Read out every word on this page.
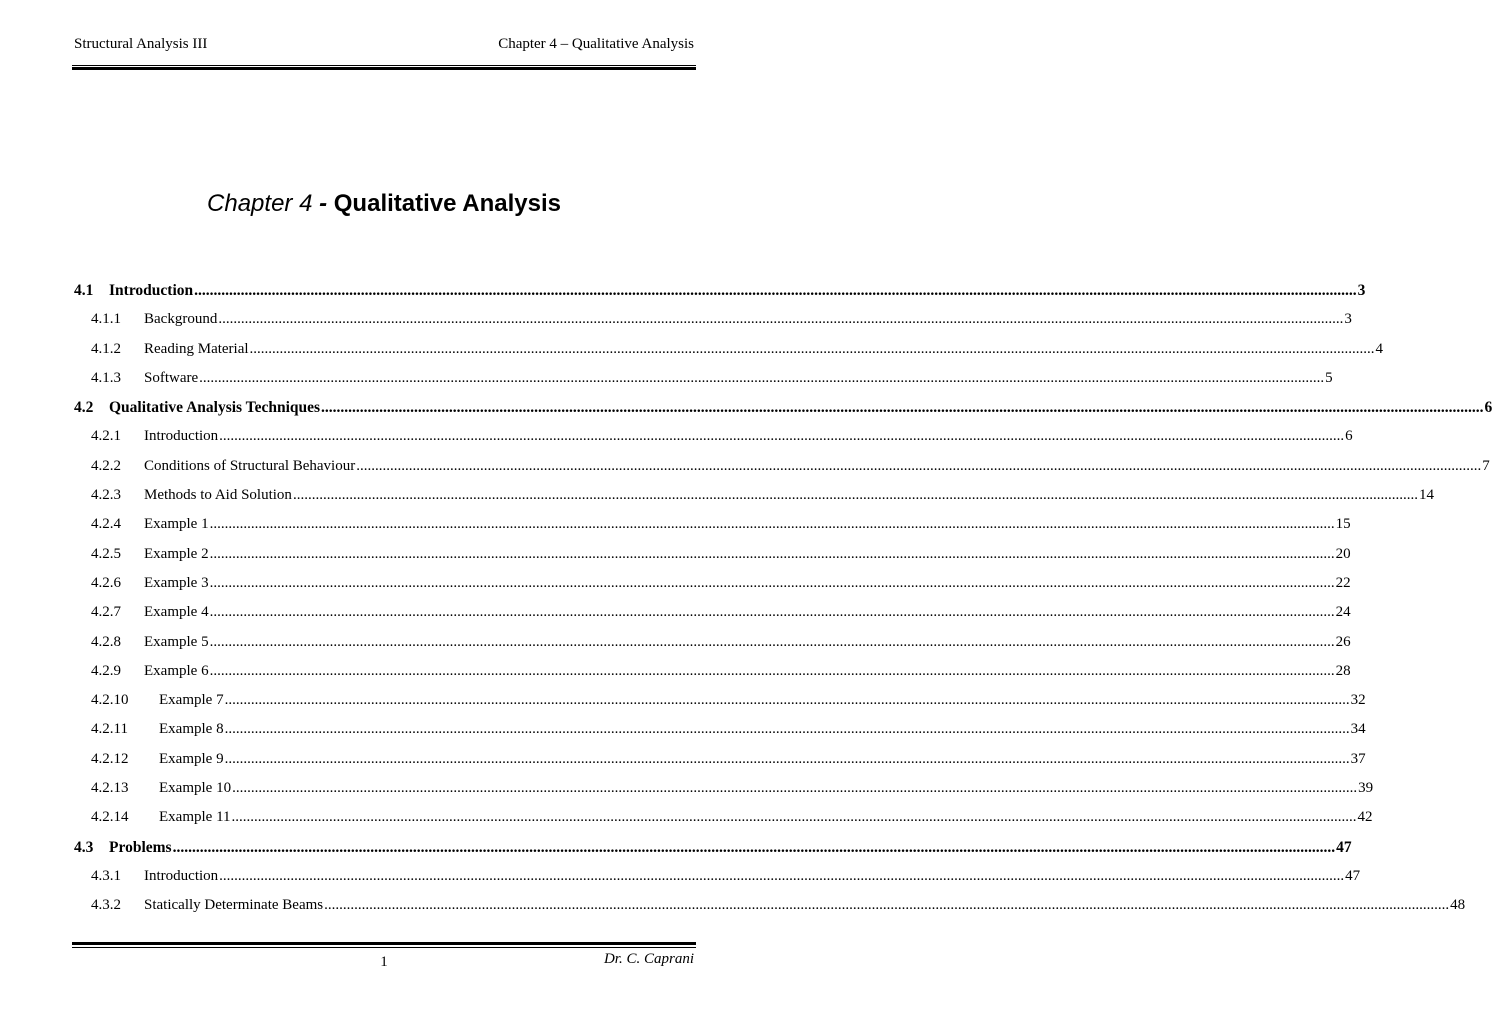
Structural Analysis III	Chapter 4 – Qualitative Analysis
Chapter 4 - Qualitative Analysis
4.1	Introduction ............................................................................................................................................................................................................................................................................................................ 3
4.1.1	Background ............................................................................................................................................................................................................................................................................................................ 3
4.1.2	Reading Material ............................................................................................................................................................................................................................................................................................................ 4
4.1.3	Software ............................................................................................................................................................................................................................................................................................................ 5
4.2	Qualitative Analysis Techniques ............................................................................................................................................................................................................................................................................................................ 6
4.2.1	Introduction ............................................................................................................................................................................................................................................................................................................ 6
4.2.2	Conditions of Structural Behaviour ............................................................................................................................................................................................................................................................................................................ 7
4.2.3	Methods to Aid Solution ............................................................................................................................................................................................................................................................................................................ 14
4.2.4	Example 1 ............................................................................................................................................................................................................................................................................................................ 15
4.2.5	Example 2 ............................................................................................................................................................................................................................................................................................................ 20
4.2.6	Example 3 ............................................................................................................................................................................................................................................................................................................ 22
4.2.7	Example 4 ............................................................................................................................................................................................................................................................................................................ 24
4.2.8	Example 5 ............................................................................................................................................................................................................................................................................................................ 26
4.2.9	Example 6 ............................................................................................................................................................................................................................................................................................................ 28
4.2.10	Example 7 ............................................................................................................................................................................................................................................................................................................ 32
4.2.11	Example 8 ............................................................................................................................................................................................................................................................................................................ 34
4.2.12	Example 9 ............................................................................................................................................................................................................................................................................................................ 37
4.2.13	Example 10 ............................................................................................................................................................................................................................................................................................................ 39
4.2.14	Example 11 ............................................................................................................................................................................................................................................................................................................ 42
4.3	Problems ............................................................................................................................................................................................................................................................................................................ 47
4.3.1	Introduction ............................................................................................................................................................................................................................................................................................................ 47
4.3.2	Statically Determinate Beams ............................................................................................................................................................................................................................................................................................................ 48
1	Dr. C. Caprani
